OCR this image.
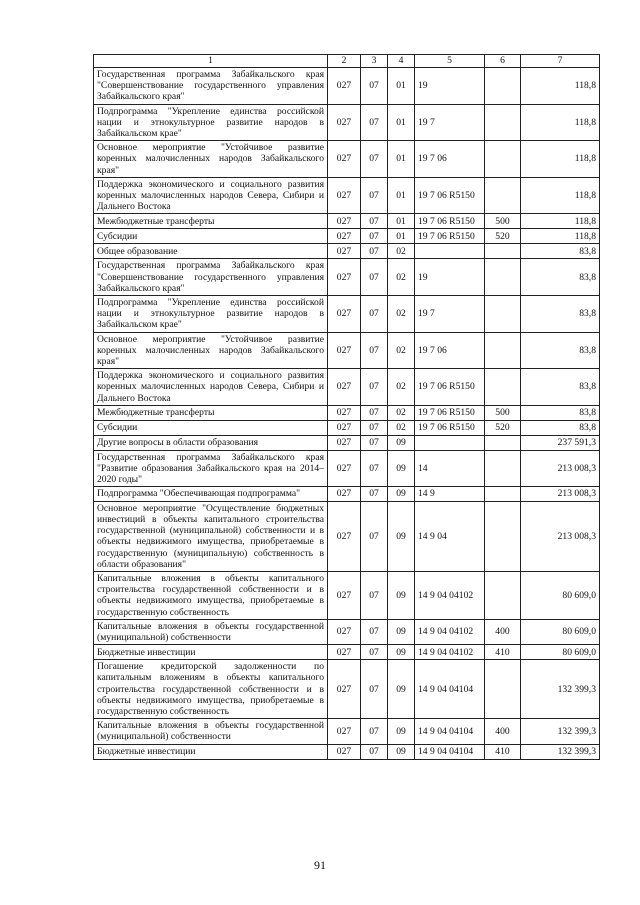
1	2	3	4	5	6	7
Государственная программа Забайкальского края "Совершенствование государственного управления Забайкальского края"	027	07	01	19		118,8
Подпрограмма "Укрепление единства российской нации и этнокультурное развитие народов в Забайкальском крае"	027	07	01	19 7		118,8
Основное мероприятие "Устойчивое развитие коренных малочисленных народов Забайкальского края"	027	07	01	19 7 06		118,8
Поддержка экономического и социального развития коренных малочисленных народов Севера, Сибири и Дальнего Востока	027	07	01	19 7 06 R5150		118,8
Межбюджетные трансферты	027	07	01	19 7 06 R5150	500	118,8
Субсидии	027	07	01	19 7 06 R5150	520	118,8
Общее образование	027	07	02			83,8
Государственная программа Забайкальского края "Совершенствование государственного управления Забайкальского края"	027	07	02	19		83,8
Подпрограмма "Укрепление единства российской нации и этнокультурное развитие народов в Забайкальском крае"	027	07	02	19 7		83,8
Основное мероприятие "Устойчивое развитие коренных малочисленных народов Забайкальского края"	027	07	02	19 7 06		83,8
Поддержка экономического и социального развития коренных малочисленных народов Севера, Сибири и Дальнего Востока	027	07	02	19 7 06 R5150		83,8
Межбюджетные трансферты	027	07	02	19 7 06 R5150	500	83,8
Субсидии	027	07	02	19 7 06 R5150	520	83,8
Другие вопросы в области образования	027	07	09			237 591,3
Государственная программа Забайкальского края "Развитие образования Забайкальского края на 2014–2020 годы"	027	07	09	14		213 008,3
Подпрограмма "Обеспечивающая подпрограмма"	027	07	09	14 9		213 008,3
Основное мероприятие "Осуществление бюджетных инвестиций в объекты капитального строительства государственной (муниципальной) собственности и в объекты недвижимого имущества, приобретаемые в государственную (муниципальную) собственность в области образования"	027	07	09	14 9 04		213 008,3
Капитальные вложения в объекты капитального строительства государственной собственности и в объекты недвижимого имущества, приобретаемые в государственную собственность	027	07	09	14 9 04 04102		80 609,0
Капитальные вложения в объекты государственной (муниципальной) собственности	027	07	09	14 9 04 04102	400	80 609,0
Бюджетные инвестиции	027	07	09	14 9 04 04102	410	80 609,0
Погашение кредиторской задолженности по капитальным вложениям в объекты капитального строительства государственной собственности и в объекты недвижимого имущества, приобретаемые в государственную собственность	027	07	09	14 9 04 04104		132 399,3
Капитальные вложения в объекты государственной (муниципальной) собственности	027	07	09	14 9 04 04104	400	132 399,3
Бюджетные инвестиции	027	07	09	14 9 04 04104	410	132 399,3
91
